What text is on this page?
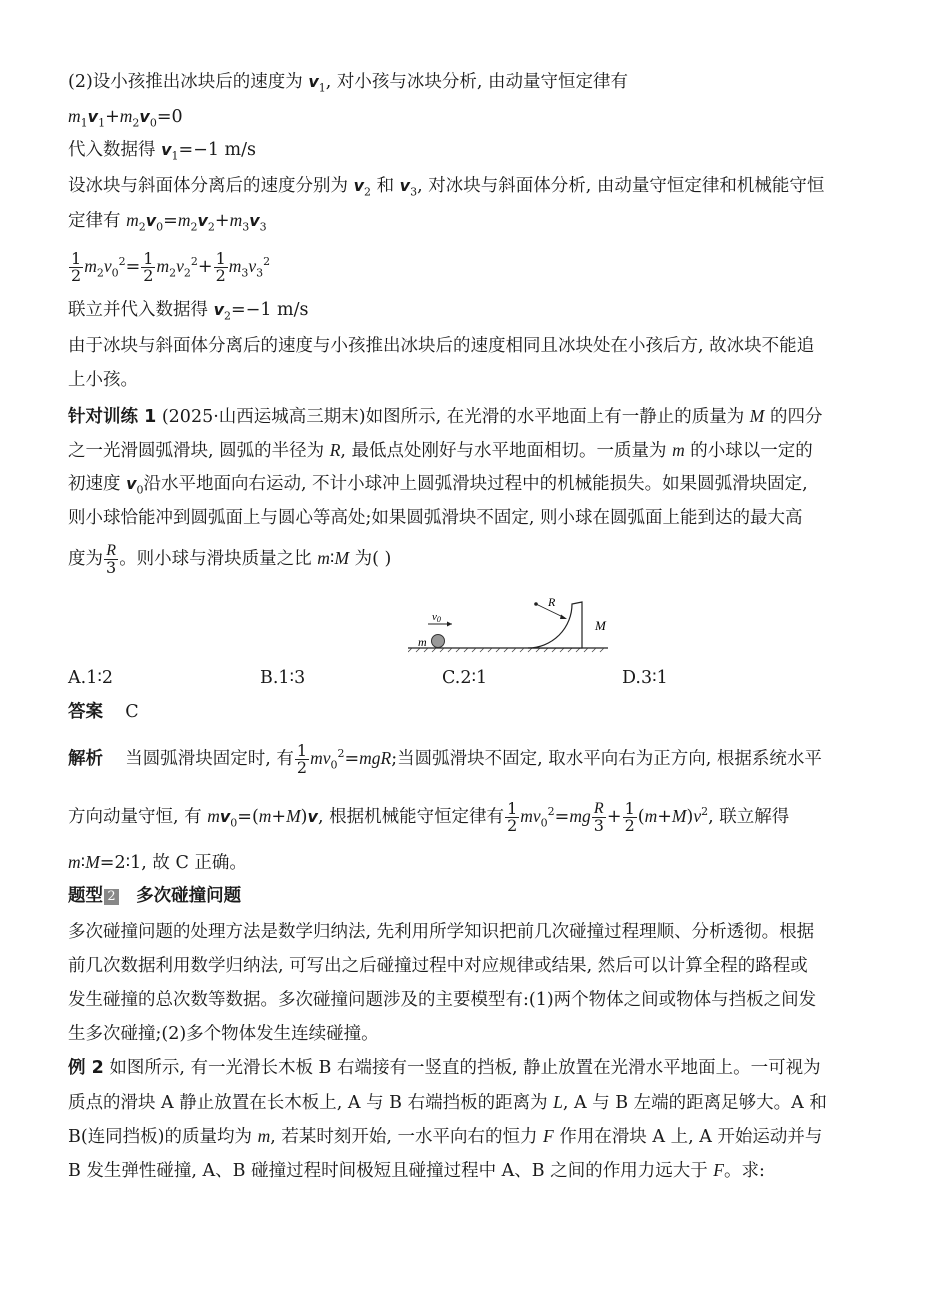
(2)设小孩推出冰块后的速度为 $v_1$, 对小孩与冰块分析, 由动量守恒定律有
$m_1v_1+m_2v_0=0$
代入数据得 $v_1=-1$ m/s
设冰块与斜面体分离后的速度分别为 $v_2$ 和 $v_3$, 对冰块与斜面体分析, 由动量守恒定律和机械能守恒
定律有 $m_2v_0=m_2v_2+m_3v_3$
$\frac{1}{2} m_2v_0^2= \frac{1}{2} m_2v_2^2+ \frac{1}{2} m_3v_3^2$
联立并代入数据得 $v_2=-1$ m/s
由于冰块与斜面体分离后的速度与小孩推出冰块后的速度相同且冰块处在小孩后方, 故冰块不能追
上小孩。
针对训练 1 (2025·山西运城高三期末)如图所示, 在光滑的水平地面上有一静止的质量为 M 的四分
之一光滑圆弧滑块, 圆弧的半径为 R, 最低点处刚好与水平地面相切。一质量为 m 的小球以一定的
初速度 $v_0$沿水平地面向右运动, 不计小球冲上圆弧滑块过程中的机械能损失。如果圆弧滑块固定,
则小球恰能冲到圆弧面上与圆心等高处;如果圆弧滑块不固定, 则小球在圆弧面上能到达的最大高
度为 $\frac{R}{3}$ 。则小球与滑块质量之比 m∶M 为( )
v0
m
R
M
A.1∶2	B.1∶3	C.2∶1	D.3∶1
答案 C
解析 当圆弧滑块固定时, 有 $\frac{1}{2} mv_0^2=mgR$;当圆弧滑块不固定, 取水平向右为正方向, 根据系统水平
方向动量守恒, 有 $mv_0=(m+M)v$, 根据机械能守恒定律有 $\frac{1}{2} mv_0^2=mg \frac{R}{3} + \frac{1}{2} (m+M)v^2$, 联立解得
m∶M=2∶1, 故 C 正确。
题型 2 多次碰撞问题
多次碰撞问题的处理方法是数学归纳法, 先利用所学知识把前几次碰撞过程理顺、分析透彻。根据
前几次数据利用数学归纳法, 可写出之后碰撞过程中对应规律或结果, 然后可以计算全程的路程或
发生碰撞的总次数等数据。多次碰撞问题涉及的主要模型有:(1)两个物体之间或物体与挡板之间发
生多次碰撞;(2)多个物体发生连续碰撞。
例 2 如图所示, 有一光滑长木板 B 右端接有一竖直的挡板, 静止放置在光滑水平地面上。一可视为
质点的滑块 A 静止放置在长木板上, A 与 B 右端挡板的距离为 L, A 与 B 左端的距离足够大。A 和
B(连同挡板)的质量均为 m, 若某时刻开始, 一水平向右的恒力 F 作用在滑块 A 上, A 开始运动并与
B 发生弹性碰撞, A、B 碰撞过程时间极短且碰撞过程中 A、B 之间的作用力远大于 F。求:
